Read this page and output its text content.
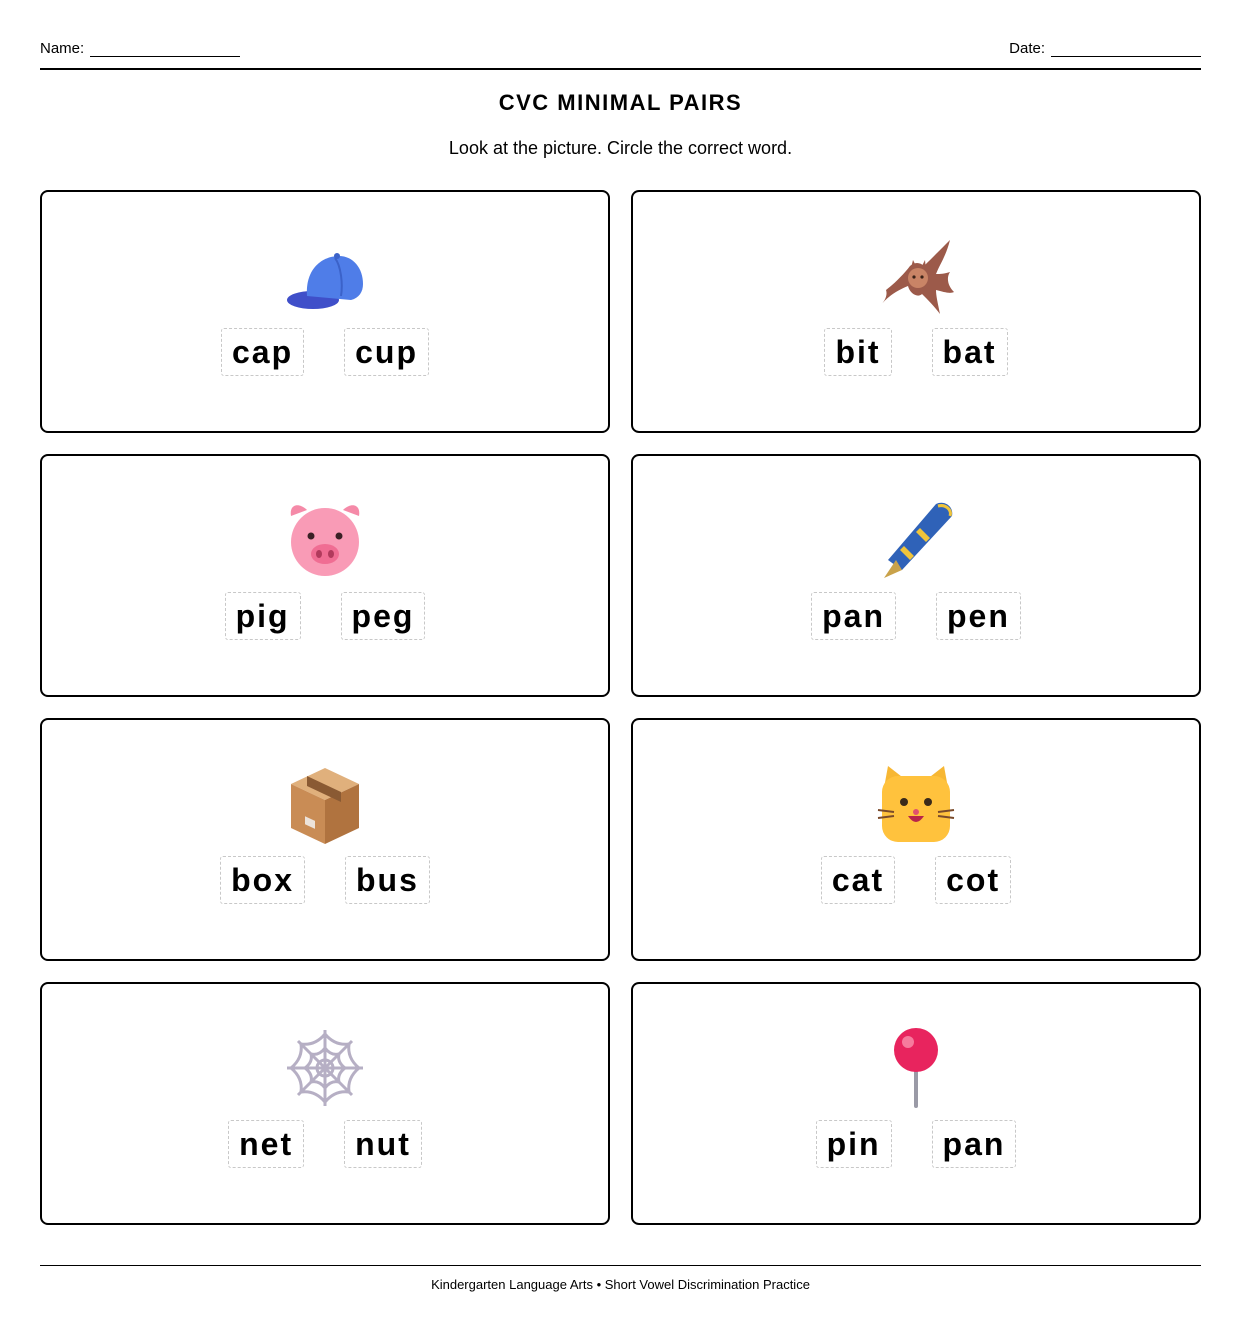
Name:	Date:
CVC MINIMAL PAIRS
Look at the picture. Circle the correct word.
cap	cup	bit	bat
pig	peg	pan	pen
box	bus	cat	cot
net	nut	pin	pan
Kindergarten Language Arts • Short Vowel Discrimination Practice
